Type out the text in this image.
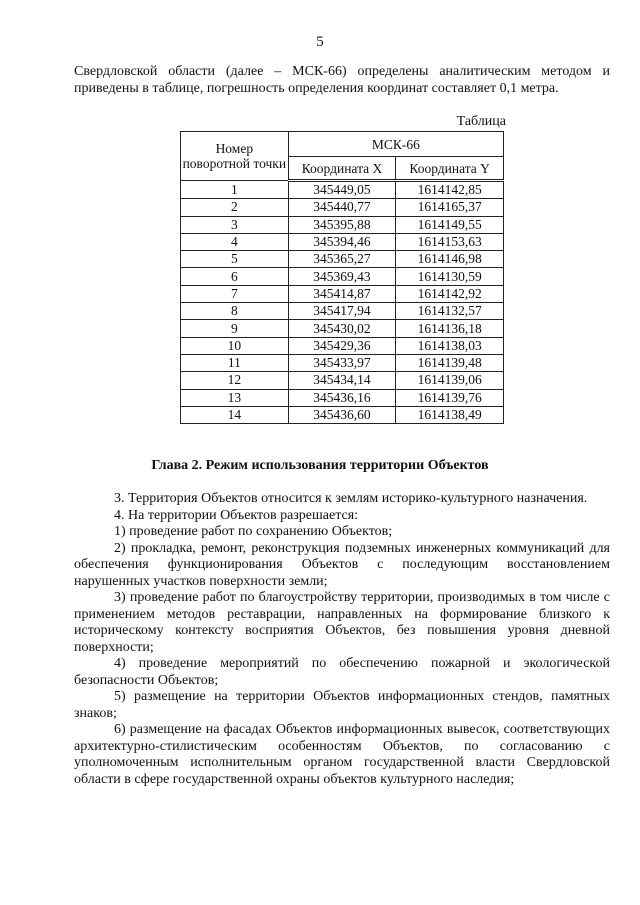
5
Свердловской области (далее – МСК-66) определены аналитическим методом и приведены в таблице, погрешность определения координат составляет 0,1 метра.
Таблица
Номер поворотной точки	МСК-66	
	Координата X	Координата Y
1	345449,05	1614142,85
2	345440,77	1614165,37
3	345395,88	1614149,55
4	345394,46	1614153,63
5	345365,27	1614146,98
6	345369,43	1614130,59
7	345414,87	1614142,92
8	345417,94	1614132,57
9	345430,02	1614136,18
10	345429,36	1614138,03
11	345433,97	1614139,48
12	345434,14	1614139,06
13	345436,16	1614139,76
14	345436,60	1614138,49
Глава 2. Режим использования территории Объектов

3. Территория Объектов относится к землям историко-культурного назначения.

4. На территории Объектов разрешается:

1) проведение работ по сохранению Объектов;

2) прокладка, ремонт, реконструкция подземных инженерных коммуникаций для обеспечения функционирования Объектов с последующим восстановлением нарушенных участков поверхности земли;

3) проведение работ по благоустройству территории, производимых в том числе с применением методов реставрации, направленных на формирование близкого к историческому контексту восприятия Объектов, без повышения уровня дневной поверхности;

4) проведение мероприятий по обеспечению пожарной и экологической безопасности Объектов;

5) размещение на территории Объектов информационных стендов, памятных знаков;

6) размещение на фасадах Объектов информационных вывесок, соответствующих архитектурно-стилистическим особенностям Объектов, по согласованию с уполномоченным исполнительным органом государственной власти Свердловской области в сфере государственной охраны объектов культурного наследия;
